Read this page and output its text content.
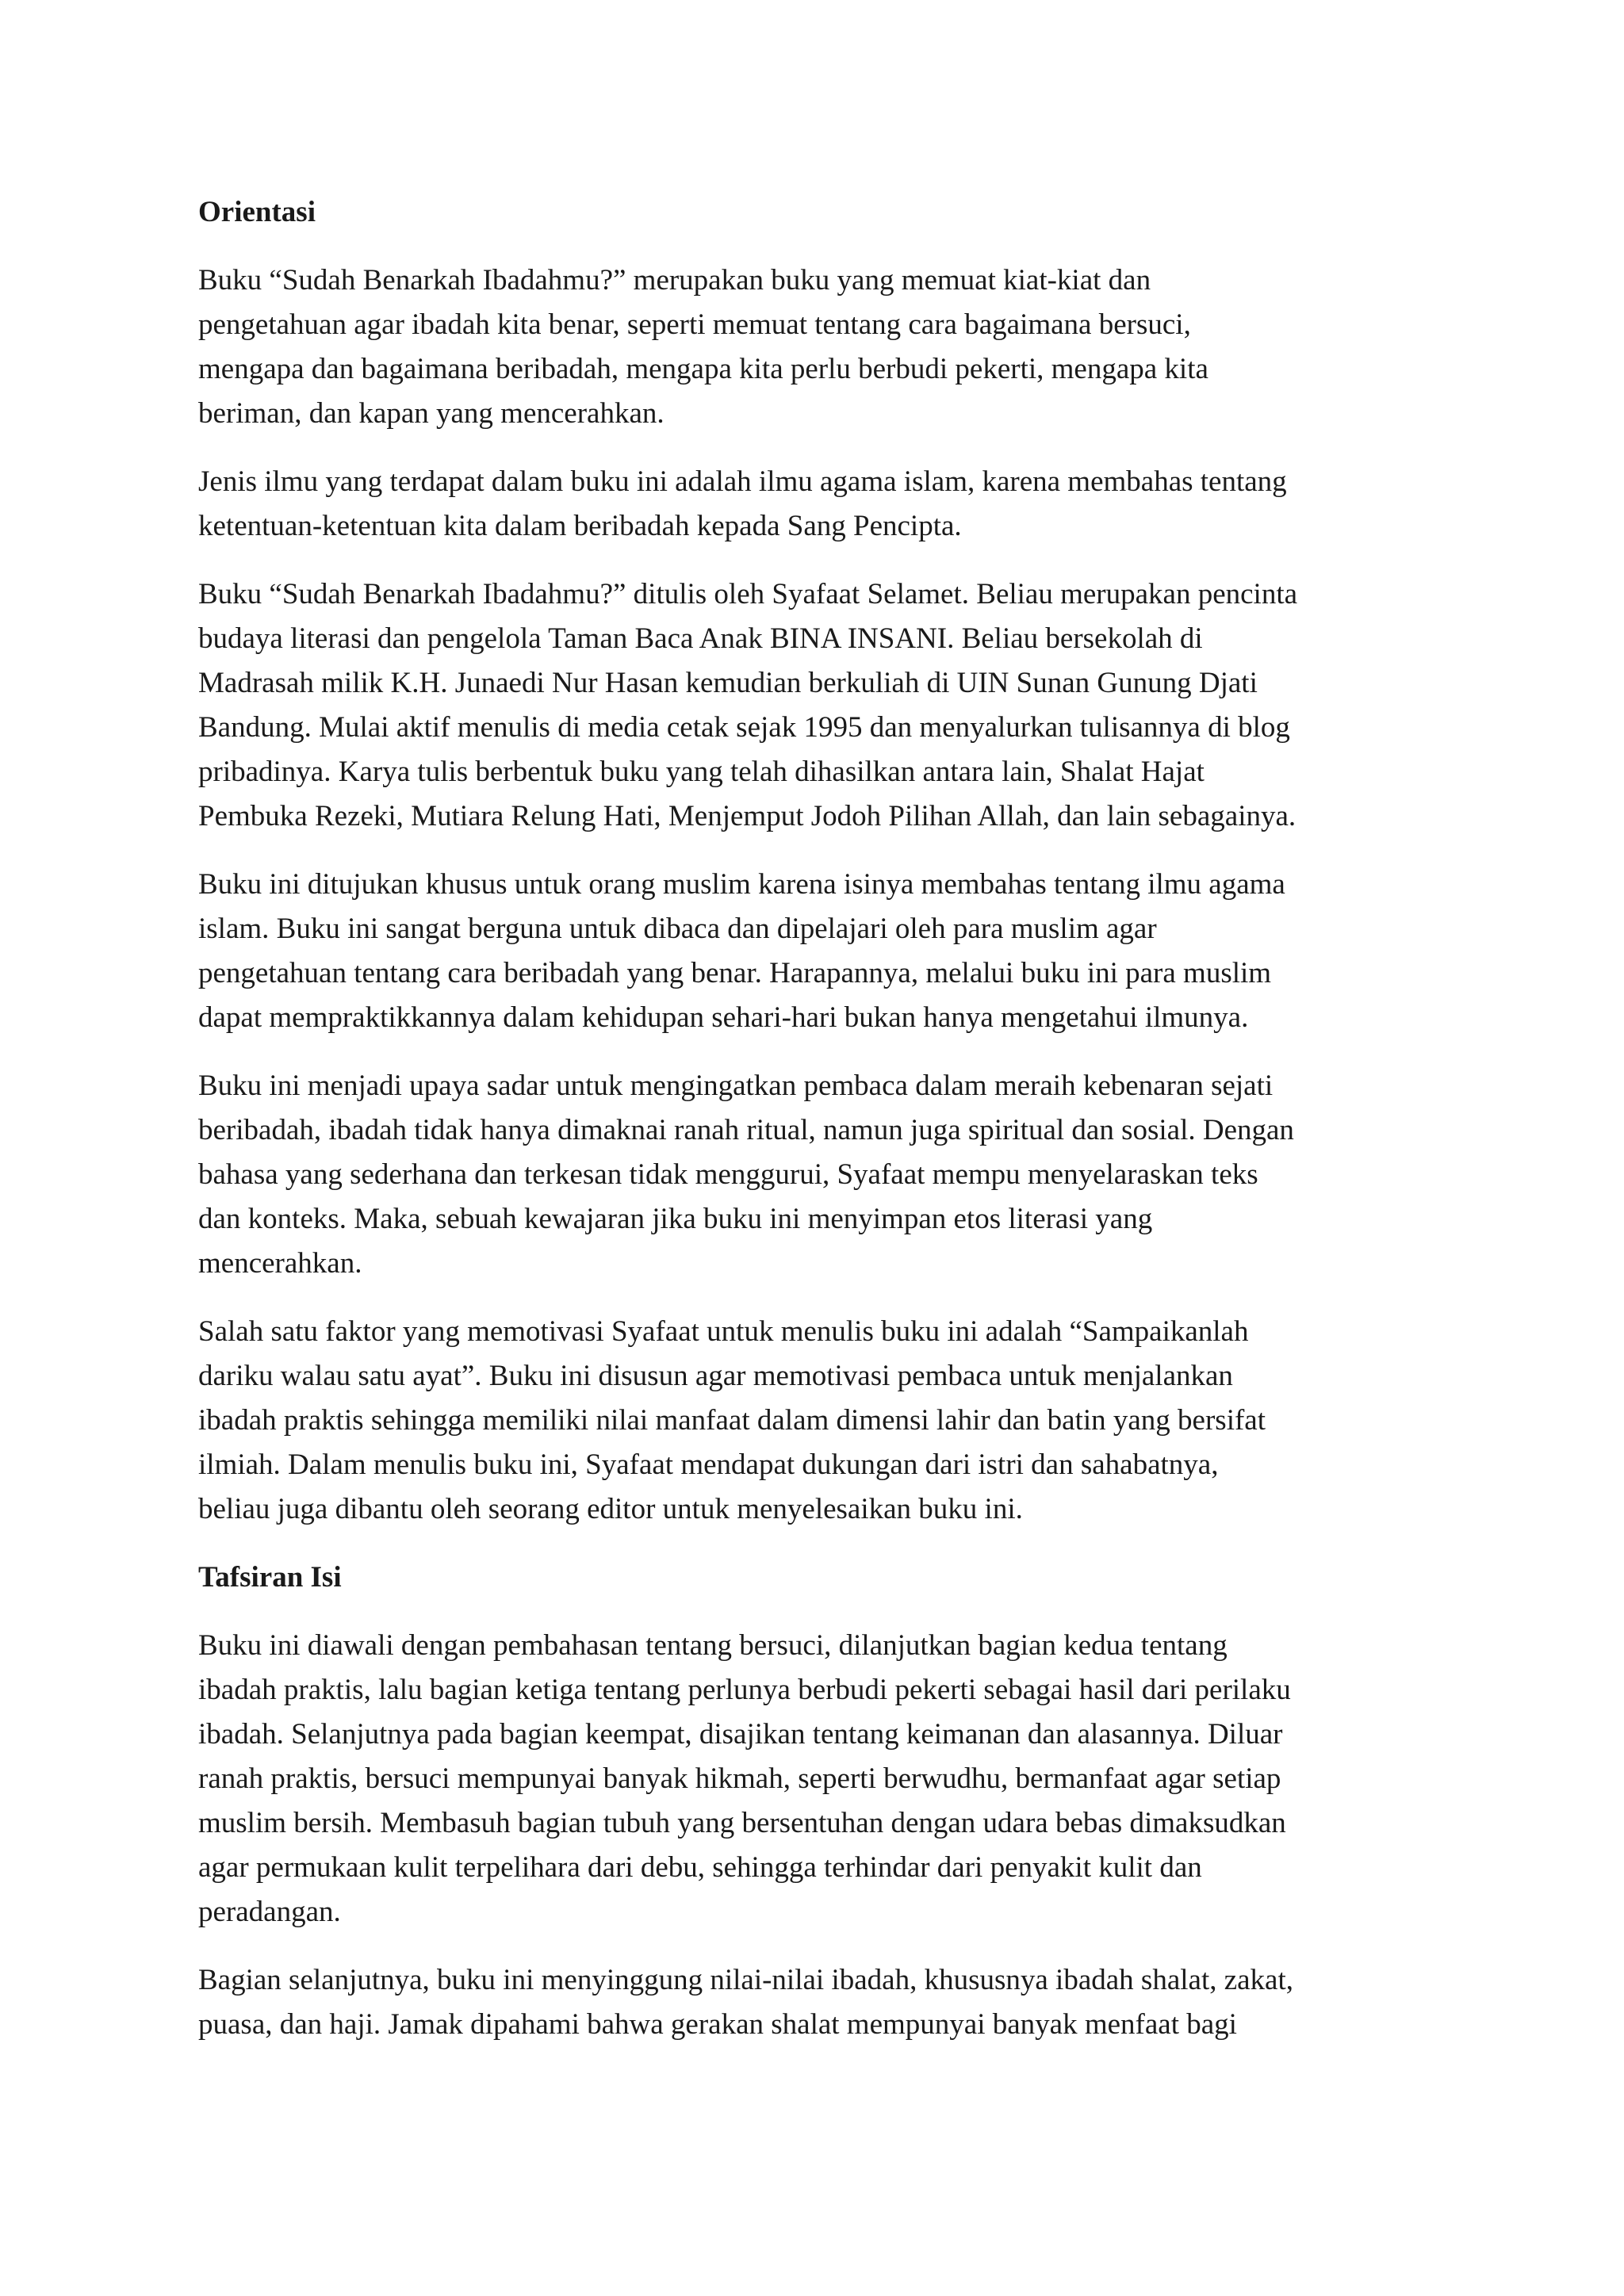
Orientasi
Buku “Sudah Benarkah Ibadahmu?” merupakan buku yang memuat kiat-kiat dan
pengetahuan agar ibadah kita benar, seperti memuat tentang cara bagaimana bersuci,
mengapa dan bagaimana beribadah, mengapa kita perlu berbudi pekerti, mengapa kita
beriman, dan kapan yang mencerahkan.
Jenis ilmu yang terdapat dalam buku ini adalah ilmu agama islam, karena membahas tentang
ketentuan-ketentuan kita dalam beribadah kepada Sang Pencipta.
Buku “Sudah Benarkah Ibadahmu?” ditulis oleh Syafaat Selamet. Beliau merupakan pencinta
budaya literasi dan pengelola Taman Baca Anak BINA INSANI. Beliau bersekolah di
Madrasah milik K.H. Junaedi Nur Hasan kemudian berkuliah di UIN Sunan Gunung Djati
Bandung. Mulai aktif menulis di media cetak sejak 1995 dan menyalurkan tulisannya di blog
pribadinya. Karya tulis berbentuk buku yang telah dihasilkan antara lain, Shalat Hajat
Pembuka Rezeki, Mutiara Relung Hati, Menjemput Jodoh Pilihan Allah, dan lain sebagainya.
Buku ini ditujukan khusus untuk orang muslim karena isinya membahas tentang ilmu agama
islam. Buku ini sangat berguna untuk dibaca dan dipelajari oleh para muslim agar
pengetahuan tentang cara beribadah yang benar. Harapannya, melalui buku ini para muslim
dapat mempraktikkannya dalam kehidupan sehari-hari bukan hanya mengetahui ilmunya.
Buku ini menjadi upaya sadar untuk mengingatkan pembaca dalam meraih kebenaran sejati
beribadah, ibadah tidak hanya dimaknai ranah ritual, namun juga spiritual dan sosial. Dengan
bahasa yang sederhana dan terkesan tidak menggurui, Syafaat mempu menyelaraskan teks
dan konteks. Maka, sebuah kewajaran jika buku ini menyimpan etos literasi yang
mencerahkan.
Salah satu faktor yang memotivasi Syafaat untuk menulis buku ini adalah “Sampaikanlah
dariku walau satu ayat”. Buku ini disusun agar memotivasi pembaca untuk menjalankan
ibadah praktis sehingga memiliki nilai manfaat dalam dimensi lahir dan batin yang bersifat
ilmiah. Dalam menulis buku ini, Syafaat mendapat dukungan dari istri dan sahabatnya,
beliau juga dibantu oleh seorang editor untuk menyelesaikan buku ini.
Tafsiran Isi
Buku ini diawali dengan pembahasan tentang bersuci, dilanjutkan bagian kedua tentang
ibadah praktis, lalu bagian ketiga tentang perlunya berbudi pekerti sebagai hasil dari perilaku
ibadah. Selanjutnya pada bagian keempat, disajikan tentang keimanan dan alasannya. Diluar
ranah praktis, bersuci mempunyai banyak hikmah, seperti berwudhu, bermanfaat agar setiap
muslim bersih. Membasuh bagian tubuh yang bersentuhan dengan udara bebas dimaksudkan
agar permukaan kulit terpelihara dari debu, sehingga terhindar dari penyakit kulit dan
peradangan.
Bagian selanjutnya, buku ini menyinggung nilai-nilai ibadah, khususnya ibadah shalat, zakat,
puasa, dan haji. Jamak dipahami bahwa gerakan shalat mempunyai banyak menfaat bagi
